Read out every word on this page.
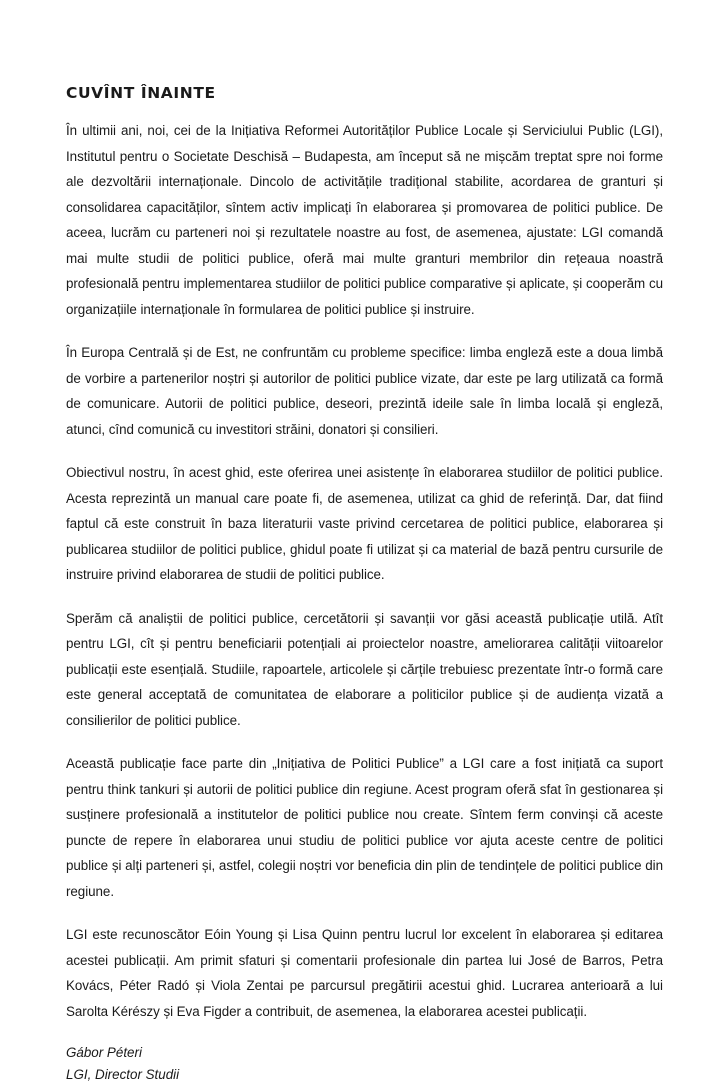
CUVÎNT ÎNAINTE

În ultimii ani, noi, cei de la Inițiativa Reformei Autorităților Publice Locale și Serviciului Public (LGI), Institutul pentru o Societate Deschisă – Budapesta, am început să ne mișcăm treptat spre noi forme ale dezvoltării internaționale. Dincolo de activitățile tradițional stabilite, acordarea de granturi și consolidarea capacităților, sîntem activ implicați în elaborarea și promovarea de politici publice. De aceea, lucrăm cu parteneri noi și rezultatele noastre au fost, de asemenea, ajustate: LGI comandă mai multe studii de politici publice, oferă mai multe granturi membrilor din rețeaua noastră profesională pentru implementarea studiilor de politici publice comparative și aplicate, și cooperăm cu organizațiile internaționale în formularea de politici publice și instruire.

În Europa Centrală și de Est, ne confruntăm cu probleme specifice: limba engleză este a doua limbă de vorbire a partenerilor noștri și autorilor de politici publice vizate, dar este pe larg utilizată ca formă de comunicare. Autorii de politici publice, deseori, prezintă ideile sale în limba locală și engleză, atunci, cînd comunică cu investitori străini, donatori și consilieri.

Obiectivul nostru, în acest ghid, este oferirea unei asistențe în elaborarea studiilor de politici publice. Acesta reprezintă un manual care poate fi, de asemenea, utilizat ca ghid de referință. Dar, dat fiind faptul că este construit în baza literaturii vaste privind cercetarea de politici publice, elaborarea și publicarea studiilor de politici publice, ghidul poate fi utilizat și ca material de bază pentru cursurile de instruire privind elaborarea de studii de politici publice.

Sperăm că analiștii de politici publice, cercetătorii și savanții vor găsi această publicație utilă. Atît pentru LGI, cît și pentru beneficiarii potențiali ai proiectelor noastre, ameliorarea calității viitoarelor publicații este esențială. Studiile, rapoartele, articolele și cărțile trebuiesc prezentate într-o formă care este general acceptată de comunitatea de elaborare a politicilor publice și de audiența vizată a consilierilor de politici publice.

Această publicație face parte din „Inițiativa de Politici Publice” a LGI care a fost inițiată ca suport pentru think tankuri și autorii de politici publice din regiune. Acest program oferă sfat în gestionarea și susținere profesională a institutelor de politici publice nou create. Sîntem ferm convinși că aceste puncte de repere în elaborarea unui studiu de politici publice vor ajuta aceste centre de politici publice și alți parteneri și, astfel, colegii noștri vor beneficia din plin de tendințele de politici publice din regiune.

LGI este recunoscător Eóin Young și Lisa Quinn pentru lucrul lor excelent în elaborarea și editarea acestei publicații. Am primit sfaturi și comentarii profesionale din partea lui José de Barros, Petra Kovács, Péter Radó și Viola Zentai pe parcursul pregătirii acestui ghid. Lucrarea anterioară a lui Sarolta Kérészy și Eva Figder a contribuit, de asemenea, la elaborarea acestei publicații.

Gábor Péteri

LGI, Director Studii
